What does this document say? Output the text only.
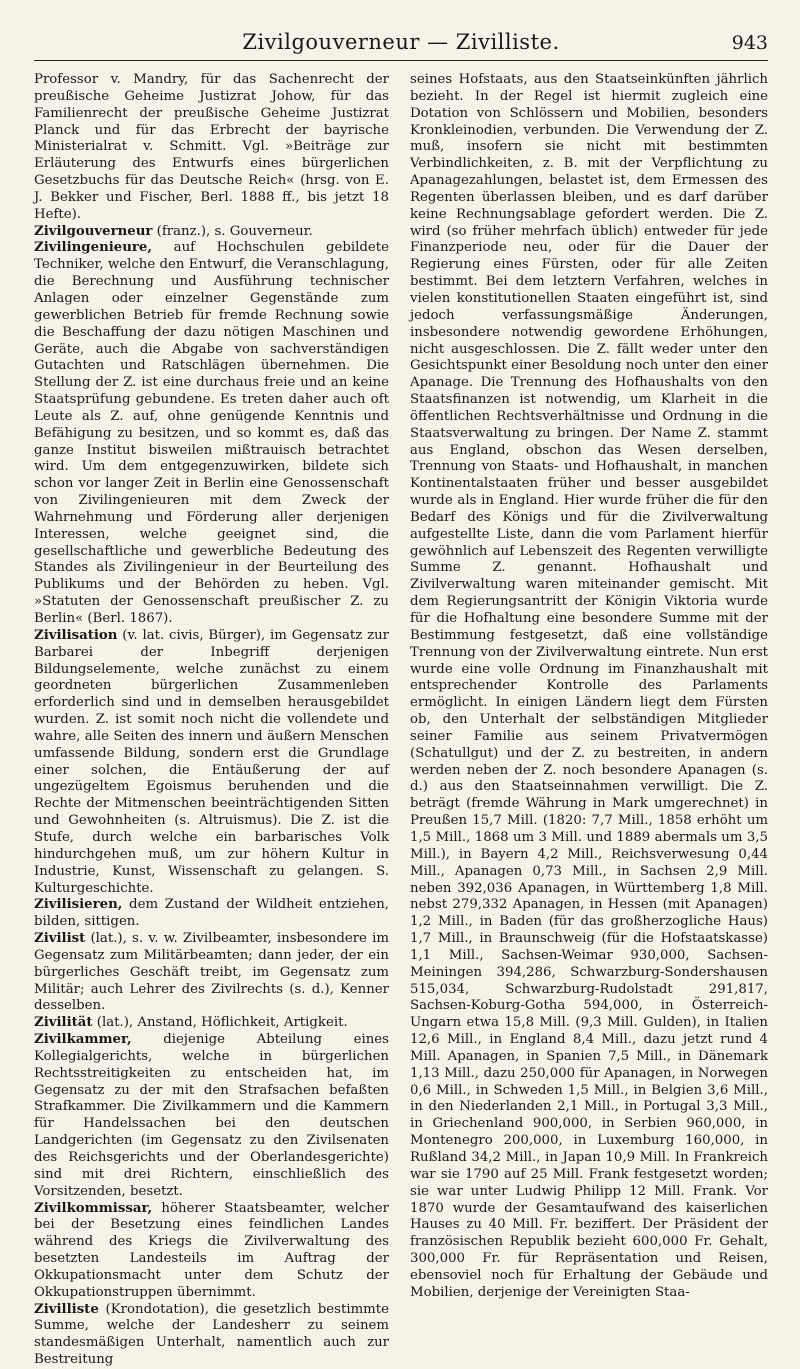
Zivilgouverneur — Zivilliste.	943

Professor v. Mandry, für das Sachenrecht der preußische Geheime Justizrat Johow, für das Familienrecht der preußische Geheime Justizrat Planck und für das Erbrecht der bayrische Ministerialrat v. Schmitt. Vgl. »Beiträge zur Erläuterung des Entwurfs eines bürgerlichen Gesetzbuchs für das Deutsche Reich« (hrsg. von E. J. Bekker und Fischer, Berl. 1888 ff., bis jetzt 18 Hefte).

Zivilgouverneur (franz.), s. Gouverneur.

Zivilingenieure, auf Hochschulen gebildete Techniker, welche den Entwurf, die Veranschlagung, die Berechnung und Ausführung technischer Anlagen oder einzelner Gegenstände zum gewerblichen Betrieb für fremde Rechnung sowie die Beschaffung der dazu nötigen Maschinen und Geräte, auch die Abgabe von sachverständigen Gutachten und Ratschlägen übernehmen. Die Stellung der Z. ist eine durchaus freie und an keine Staatsprüfung gebundene. Es treten daher auch oft Leute als Z. auf, ohne genügende Kenntnis und Befähigung zu besitzen, und so kommt es, daß das ganze Institut bisweilen mißtrauisch betrachtet wird. Um dem entgegenzuwirken, bildete sich schon vor langer Zeit in Berlin eine Genossenschaft von Zivilingenieuren mit dem Zweck der Wahrnehmung und Förderung aller derjenigen Interessen, welche geeignet sind, die gesellschaftliche und gewerbliche Bedeutung des Standes als Zivilingenieur in der Beurteilung des Publikums und der Behörden zu heben. Vgl. »Statuten der Genossenschaft preußischer Z. zu Berlin« (Berl. 1867).

Zivilisation (v. lat. civis, Bürger), im Gegensatz zur Barbarei der Inbegriff derjenigen Bildungselemente, welche zunächst zu einem geordneten bürgerlichen Zusammenleben erforderlich sind und in demselben herausgebildet wurden. Z. ist somit noch nicht die vollendete und wahre, alle Seiten des innern und äußern Menschen umfassende Bildung, sondern erst die Grundlage einer solchen, die Entäußerung der auf ungezügeltem Egoismus beruhenden und die Rechte der Mitmenschen beeinträchtigenden Sitten und Gewohnheiten (s. Altruismus). Die Z. ist die Stufe, durch welche ein barbarisches Volk hindurchgehen muß, um zur höhern Kultur in Industrie, Kunst, Wissenschaft zu gelangen. S. Kulturgeschichte.

Zivilisieren, dem Zustand der Wildheit entziehen, bilden, sittigen.

Zivilist (lat.), s. v. w. Zivilbeamter, insbesondere im Gegensatz zum Militärbeamten; dann jeder, der ein bürgerliches Geschäft treibt, im Gegensatz zum Militär; auch Lehrer des Zivilrechts (s. d.), Kenner desselben.

Zivilität (lat.), Anstand, Höflichkeit, Artigkeit.

Zivilkammer, diejenige Abteilung eines Kollegialgerichts, welche in bürgerlichen Rechtsstreitigkeiten zu entscheiden hat, im Gegensatz zu der mit den Strafsachen befaßten Strafkammer. Die Zivilkammern und die Kammern für Handelssachen bei den deutschen Landgerichten (im Gegensatz zu den Zivilsenaten des Reichsgerichts und der Oberlandesgerichte) sind mit drei Richtern, einschließlich des Vorsitzenden, besetzt.

Zivilkommissar, höherer Staatsbeamter, welcher bei der Besetzung eines feindlichen Landes während des Kriegs die Zivilverwaltung des besetzten Landesteils im Auftrag der Okkupationsmacht unter dem Schutz der Okkupationstruppen übernimmt.

Zivilliste (Krondotation), die gesetzlich bestimmte Summe, welche der Landesherr zu seinem standesmäßigen Unterhalt, namentlich auch zur Bestreitung

seines Hofstaats, aus den Staatseinkünften jährlich bezieht. In der Regel ist hiermit zugleich eine Dotation von Schlössern und Mobilien, besonders Kronkleinodien, verbunden. Die Verwendung der Z. muß, insofern sie nicht mit bestimmten Verbindlichkeiten, z. B. mit der Verpflichtung zu Apanagezahlungen, belastet ist, dem Ermessen des Regenten überlassen bleiben, und es darf darüber keine Rechnungsablage gefordert werden. Die Z. wird (so früher mehrfach üblich) entweder für jede Finanzperiode neu, oder für die Dauer der Regierung eines Fürsten, oder für alle Zeiten bestimmt. Bei dem letztern Verfahren, welches in vielen konstitutionellen Staaten eingeführt ist, sind jedoch verfassungsmäßige Änderungen, insbesondere notwendig gewordene Erhöhungen, nicht ausgeschlossen. Die Z. fällt weder unter den Gesichtspunkt einer Besoldung noch unter den einer Apanage. Die Trennung des Hofhaushalts von den Staatsfinanzen ist notwendig, um Klarheit in die öffentlichen Rechtsverhältnisse und Ordnung in die Staatsverwaltung zu bringen. Der Name Z. stammt aus England, obschon das Wesen derselben, Trennung von Staats- und Hofhaushalt, in manchen Kontinentalstaaten früher und besser ausgebildet wurde als in England. Hier wurde früher die für den Bedarf des Königs und für die Zivilverwaltung aufgestellte Liste, dann die vom Parlament hierfür gewöhnlich auf Lebenszeit des Regenten verwilligte Summe Z. genannt. Hofhaushalt und Zivilverwaltung waren miteinander gemischt. Mit dem Regierungsantritt der Königin Viktoria wurde für die Hofhaltung eine besondere Summe mit der Bestimmung festgesetzt, daß eine vollständige Trennung von der Zivilverwaltung eintrete. Nun erst wurde eine volle Ordnung im Finanzhaushalt mit entsprechender Kontrolle des Parlaments ermöglicht. In einigen Ländern liegt dem Fürsten ob, den Unterhalt der selbständigen Mitglieder seiner Familie aus seinem Privatvermögen (Schatullgut) und der Z. zu bestreiten, in andern werden neben der Z. noch besondere Apanagen (s. d.) aus den Staatseinnahmen verwilligt. Die Z. beträgt (fremde Währung in Mark umgerechnet) in Preußen 15,7 Mill. (1820: 7,7 Mill., 1858 erhöht um 1,5 Mill., 1868 um 3 Mill. und 1889 abermals um 3,5 Mill.), in Bayern 4,2 Mill., Reichsverwesung 0,44 Mill., Apanagen 0,73 Mill., in Sachsen 2,9 Mill. neben 392,036 Apanagen, in Württemberg 1,8 Mill. nebst 279,332 Apanagen, in Hessen (mit Apanagen) 1,2 Mill., in Baden (für das großherzogliche Haus) 1,7 Mill., in Braunschweig (für die Hofstaatskasse) 1,1 Mill., Sachsen-Weimar 930,000, Sachsen-Meiningen 394,286, Schwarzburg-Sondershausen 515,034, Schwarzburg-Rudolstadt 291,817, Sachsen-Koburg-Gotha 594,000, in Österreich-Ungarn etwa 15,8 Mill. (9,3 Mill. Gulden), in Italien 12,6 Mill., in England 8,4 Mill., dazu jetzt rund 4 Mill. Apanagen, in Spanien 7,5 Mill., in Dänemark 1,13 Mill., dazu 250,000 für Apanagen, in Norwegen 0,6 Mill., in Schweden 1,5 Mill., in Belgien 3,6 Mill., in den Niederlanden 2,1 Mill., in Portugal 3,3 Mill., in Griechenland 900,000, in Serbien 960,000, in Montenegro 200,000, in Luxemburg 160,000, in Rußland 34,2 Mill., in Japan 10,9 Mill. In Frankreich war sie 1790 auf 25 Mill. Frank festgesetzt worden; sie war unter Ludwig Philipp 12 Mill. Frank. Vor 1870 wurde der Gesamtaufwand des kaiserlichen Hauses zu 40 Mill. Fr. beziffert. Der Präsident der französischen Republik bezieht 600,000 Fr. Gehalt, 300,000 Fr. für Repräsentation und Reisen, ebensoviel noch für Erhaltung der Gebäude und Mobilien, derjenige der Vereinigten Staa-
